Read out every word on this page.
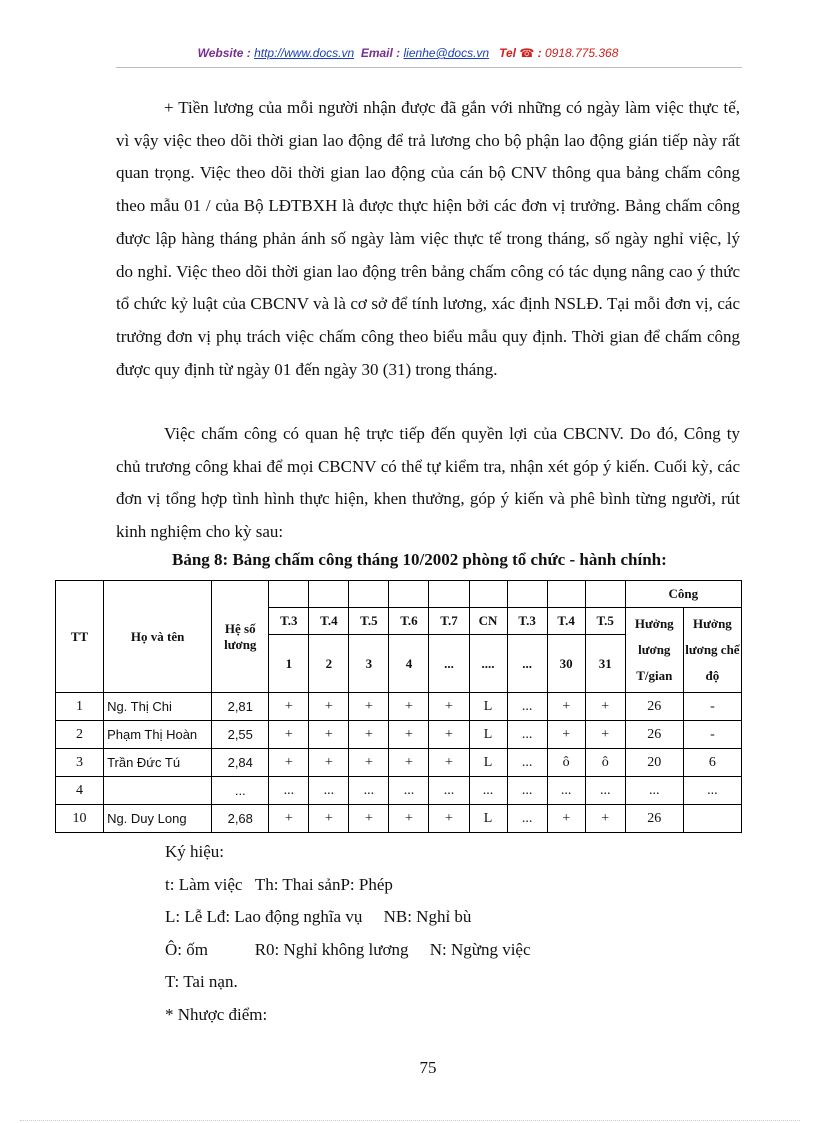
Website : http://www.docs.vn Email : lienhe@docs.vn Tel ☎ : 0918.775.368

+ Tiền lương của mỗi người nhận được đã gắn với những có ngày làm việc thực tế, vì vậy việc theo dõi thời gian lao động để trả lương cho bộ phận lao động gián tiếp này rất quan trọng. Việc theo dõi thời gian lao động của cán bộ CNV thông qua bảng chấm công theo mẫu 01 / của Bộ LĐTBXH là được thực hiện bởi các đơn vị trưởng. Bảng chấm công được lập hàng tháng phản ánh số ngày làm việc thực tế trong tháng, số ngày nghỉ việc, lý do nghỉ. Việc theo dõi thời gian lao động trên bảng chấm công có tác dụng nâng cao ý thức tổ chức kỷ luật của CBCNV và là cơ sở để tính lương, xác định NSLĐ. Tại mỗi đơn vị, các trưởng đơn vị phụ trách việc chấm công theo biểu mẫu quy định. Thời gian để chấm công được quy định từ ngày 01 đến ngày 30 (31) trong tháng.

Việc chấm công có quan hệ trực tiếp đến quyền lợi của CBCNV. Do đó, Công ty chủ trương công khai để mọi CBCNV có thể tự kiểm tra, nhận xét góp ý kiến. Cuối kỳ, các đơn vị tổng hợp tình hình thực hiện, khen thưởng, góp ý kiến và phê bình từng người, rút kinh nghiệm cho kỳ sau:

Bảng 8: Bảng chấm công tháng 10/2002 phòng tổ chức - hành chính:
TT	Họ và tên	Hệ số lương										Công	
			T.3	T.4	T.5	T.6	T.7	CN	T.3	T.4	T.5	Hưởng lương T/gian	Hưởng lương chế độ
			1	2	3	4	...	....	...	30	31		
1	Ng. Thị Chi	2,81	+	+	+	+	+	L	...	+	+	26	-
2	Phạm Thị Hoàn	2,55	+	+	+	+	+	L	...	+	+	26	-
3	Trần Đức Tú	2,84	+	+	+	+	+	L	...	ô	ô	20	6
4		...	...	...	...	...	...	...	...	...	...	...	...
10	Ng. Duy Long	2,68	+	+	+	+	+	L	...	+	+	26	
Ký hiệu:
t: Làm việc   Th: Thai sảnP: Phép
L: Lễ Lđ: Lao động nghĩa vụ     NB: Nghỉ bù
Ô: ốm           R0: Nghỉ không lương     N: Ngừng việc
T: Tai nạn.
* Nhược điểm:
75
